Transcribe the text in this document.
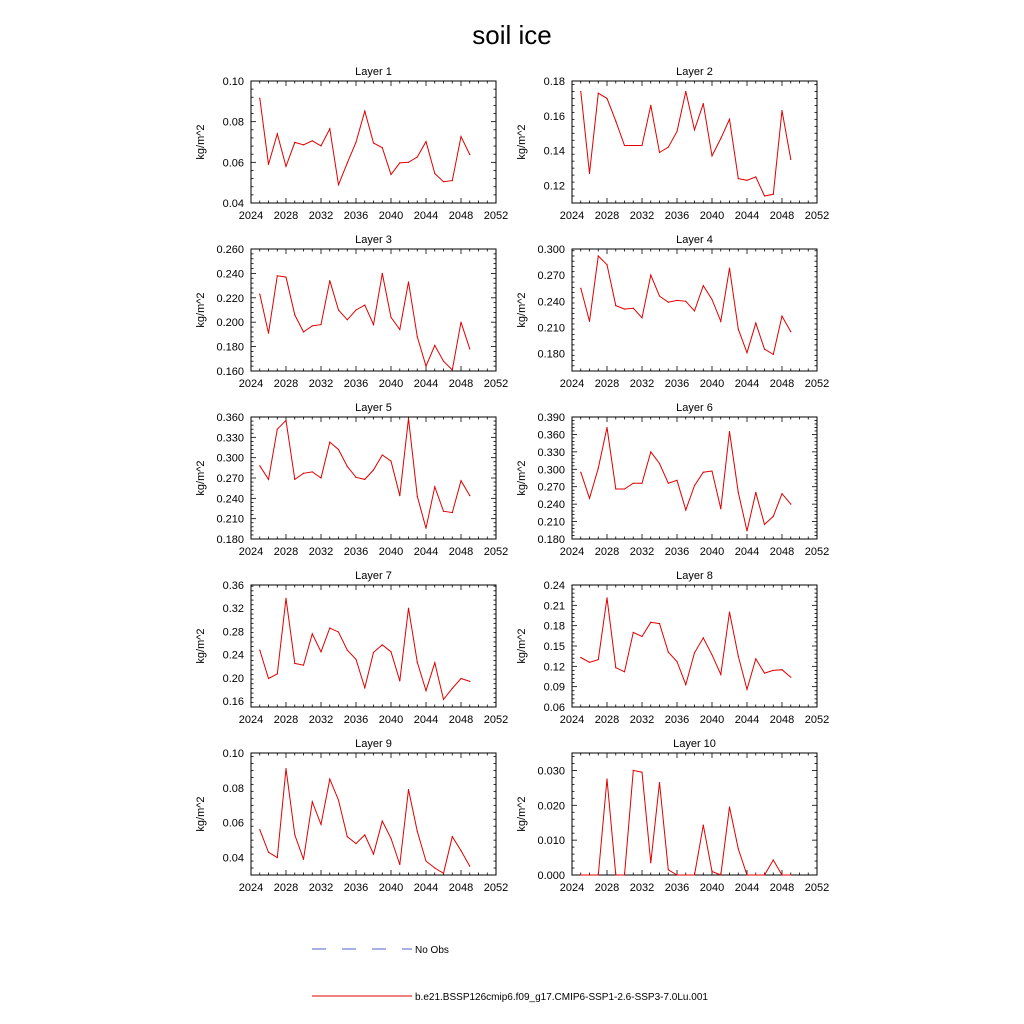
soil ice
Layer 1
kg/m^2
2024 2028 2032 2036 2040 2044 2048 2052
0.04
0.06
0.08
0.10
Layer 2
kg/m^2
2024 2028 2032 2036 2040 2044 2048 2052
0.12
0.14
0.16
0.18
Layer 3
kg/m^2
2024 2028 2032 2036 2040 2044 2048 2052
0.160
0.180
0.200
0.220
0.240
0.260
Layer 4
kg/m^2
2024 2028 2032 2036 2040 2044 2048 2052
0.180
0.210
0.240
0.270
0.300
Layer 5
kg/m^2
2024 2028 2032 2036 2040 2044 2048 2052
0.180
0.210
0.240
0.270
0.300
0.330
0.360
Layer 6
kg/m^2
2024 2028 2032 2036 2040 2044 2048 2052
0.180
0.210
0.240
0.270
0.300
0.330
0.360
0.390
Layer 7
kg/m^2
2024 2028 2032 2036 2040 2044 2048 2052
0.16
0.20
0.24
0.28
0.32
0.36
Layer 8
kg/m^2
2024 2028 2032 2036 2040 2044 2048 2052
0.06
0.09
0.12
0.15
0.18
0.21
0.24
Layer 9
kg/m^2
2024 2028 2032 2036 2040 2044 2048 2052
0.04
0.06
0.08
0.10
Layer 10
kg/m^2
2024 2028 2032 2036 2040 2044 2048 2052
0.000
0.010
0.020
0.030
No Obs
b.e21.BSSP126cmip6.f09_g17.CMIP6-SSP1-2.6-SSP3-7.0Lu.001
